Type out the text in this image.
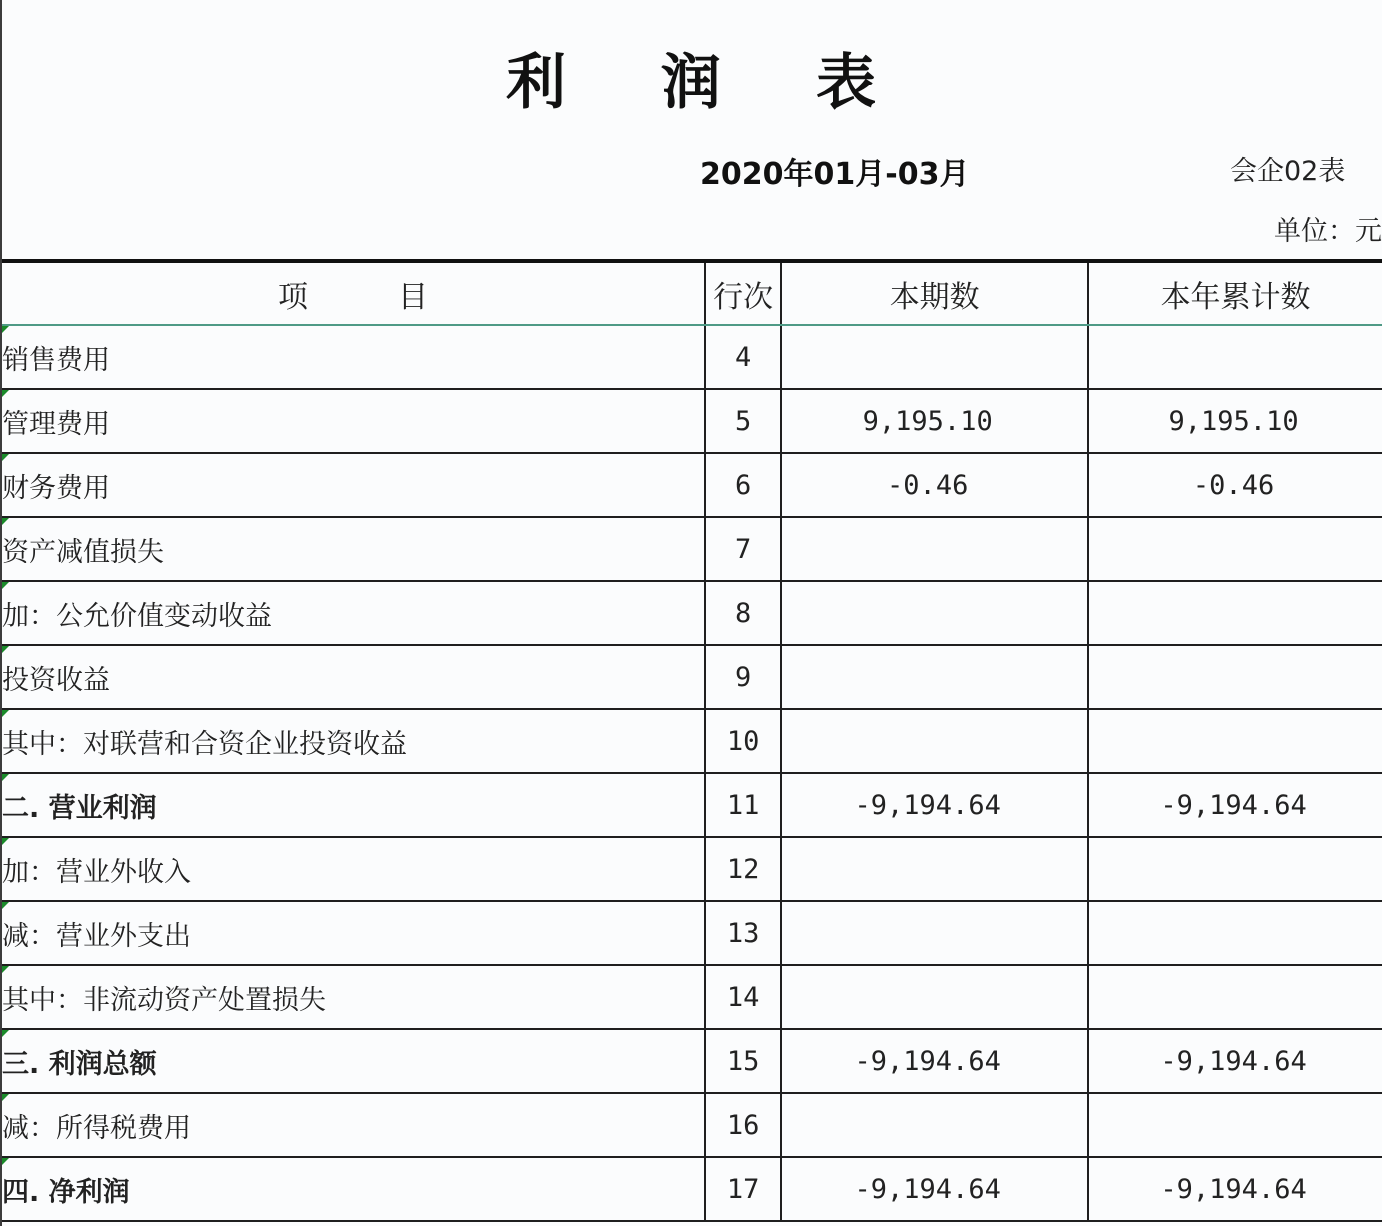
利润表
2020年01月-03月	会企02表
单位：元
项　　　目	行次	本期数	本年累计数

销售费用	4		

管理费用	5	9,195.10	9,195.10

财务费用	6	-0.46	-0.46

资产减值损失	7		

加：公允价值变动收益	8		

投资收益	9		

其中：对联营和合资企业投资收益	10		

二. 营业利润	11	-9,194.64	-9,194.64

加：营业外收入	12		

减：营业外支出	13		

其中：非流动资产处置损失	14		

三. 利润总额	15	-9,194.64	-9,194.64

减：所得税费用	16		

四. 净利润	17	-9,194.64	-9,194.64
